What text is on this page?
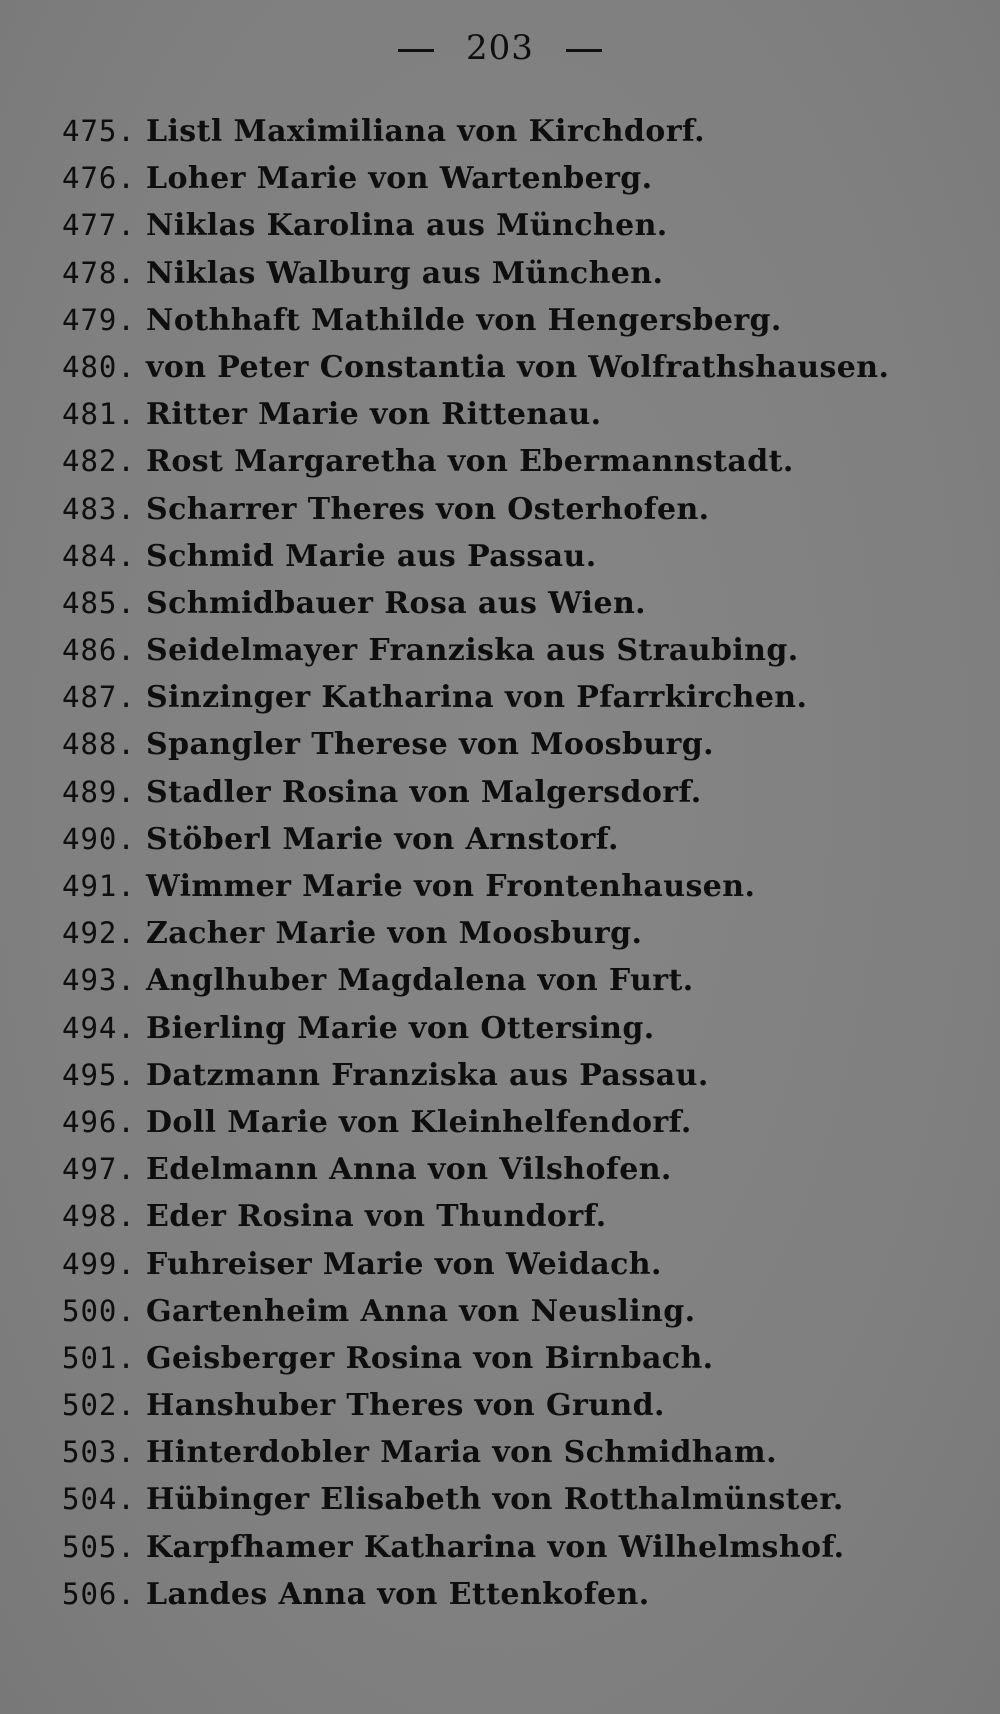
203
475. Listl Maximiliana von Kirchdorf.
476. Loher Marie von Wartenberg.
477. Niklas Karolina aus München.
478. Niklas Walburg aus München.
479. Nothhaft Mathilde von Hengersberg.
480. von Peter Constantia von Wolfrathshausen.
481. Ritter Marie von Rittenau.
482. Rost Margaretha von Ebermannstadt.
483. Scharrer Theres von Osterhofen.
484. Schmid Marie aus Passau.
485. Schmidbauer Rosa aus Wien.
486. Seidelmayer Franziska aus Straubing.
487. Sinzinger Katharina von Pfarrkirchen.
488. Spangler Therese von Moosburg.
489. Stadler Rosina von Malgersdorf.
490. Stöberl Marie von Arnstorf.
491. Wimmer Marie von Frontenhausen.
492. Zacher Marie von Moosburg.
493. Anglhuber Magdalena von Furt.
494. Bierling Marie von Ottersing.
495. Datzmann Franziska aus Passau.
496. Doll Marie von Kleinhelfendorf.
497. Edelmann Anna von Vilshofen.
498. Eder Rosina von Thundorf.
499. Fuhreiser Marie von Weidach.
500. Gartenheim Anna von Neusling.
501. Geisberger Rosina von Birnbach.
502. Hanshuber Theres von Grund.
503. Hinterdobler Maria von Schmidham.
504. Hübinger Elisabeth von Rotthalmünster.
505. Karpfhamer Katharina von Wilhelmshof.
506. Landes Anna von Ettenkofen.
